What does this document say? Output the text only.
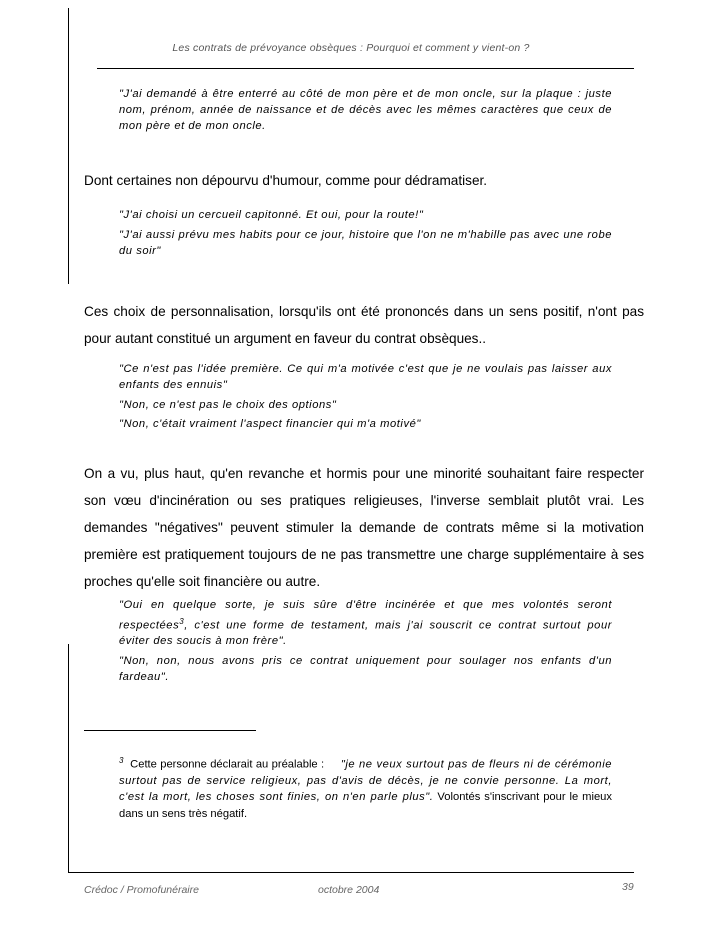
Les contrats de prévoyance obsèques : Pourquoi et comment y vient-on ?

"J'ai demandé à être enterré au côté de mon père et de mon oncle, sur la plaque : juste nom, prénom, année de naissance et de décès avec les mêmes caractères que ceux de mon père et de mon oncle.

Dont certaines non dépourvu d'humour, comme pour dédramatiser.

"J'ai choisi un cercueil capitonné. Et oui, pour la route!"

"J'ai aussi prévu mes habits pour ce jour, histoire que l'on ne m'habille pas avec une robe du soir"

Ces choix de personnalisation, lorsqu'ils ont été prononcés dans un sens positif, n'ont pas pour autant constitué un argument en faveur du contrat obsèques..

"Ce n'est pas l'idée première. Ce qui m'a motivée c'est que je ne voulais pas laisser aux enfants des ennuis"

"Non, ce n'est pas le choix des options"

"Non, c'était vraiment l'aspect financier qui m'a motivé"

On a vu, plus haut, qu'en revanche et hormis pour une minorité souhaitant faire respecter son vœu d'incinération ou ses pratiques religieuses, l'inverse semblait plutôt vrai. Les demandes "négatives" peuvent stimuler la demande de contrats même si la motivation première est pratiquement toujours de ne pas transmettre une charge supplémentaire à ses proches qu'elle soit financière ou autre.

"Oui en quelque sorte, je suis sûre d'être incinérée et que mes volontés seront respectées$^3$, c'est une forme de testament, mais j'ai souscrit ce contrat surtout pour éviter des soucis à mon frère".

"Non, non, nous avons pris ce contrat uniquement pour soulager nos enfants d'un fardeau".

$^3$ Cette personne déclarait au préalable : "je ne veux surtout pas de fleurs ni de cérémonie surtout pas de service religieux, pas d'avis de décès, je ne convie personne. La mort, c'est la mort, les choses sont finies, on n'en parle plus". Volontés s'inscrivant pour le mieux dans un sens très négatif.

Crédoc / Promofunéraire	octobre 2004	39
